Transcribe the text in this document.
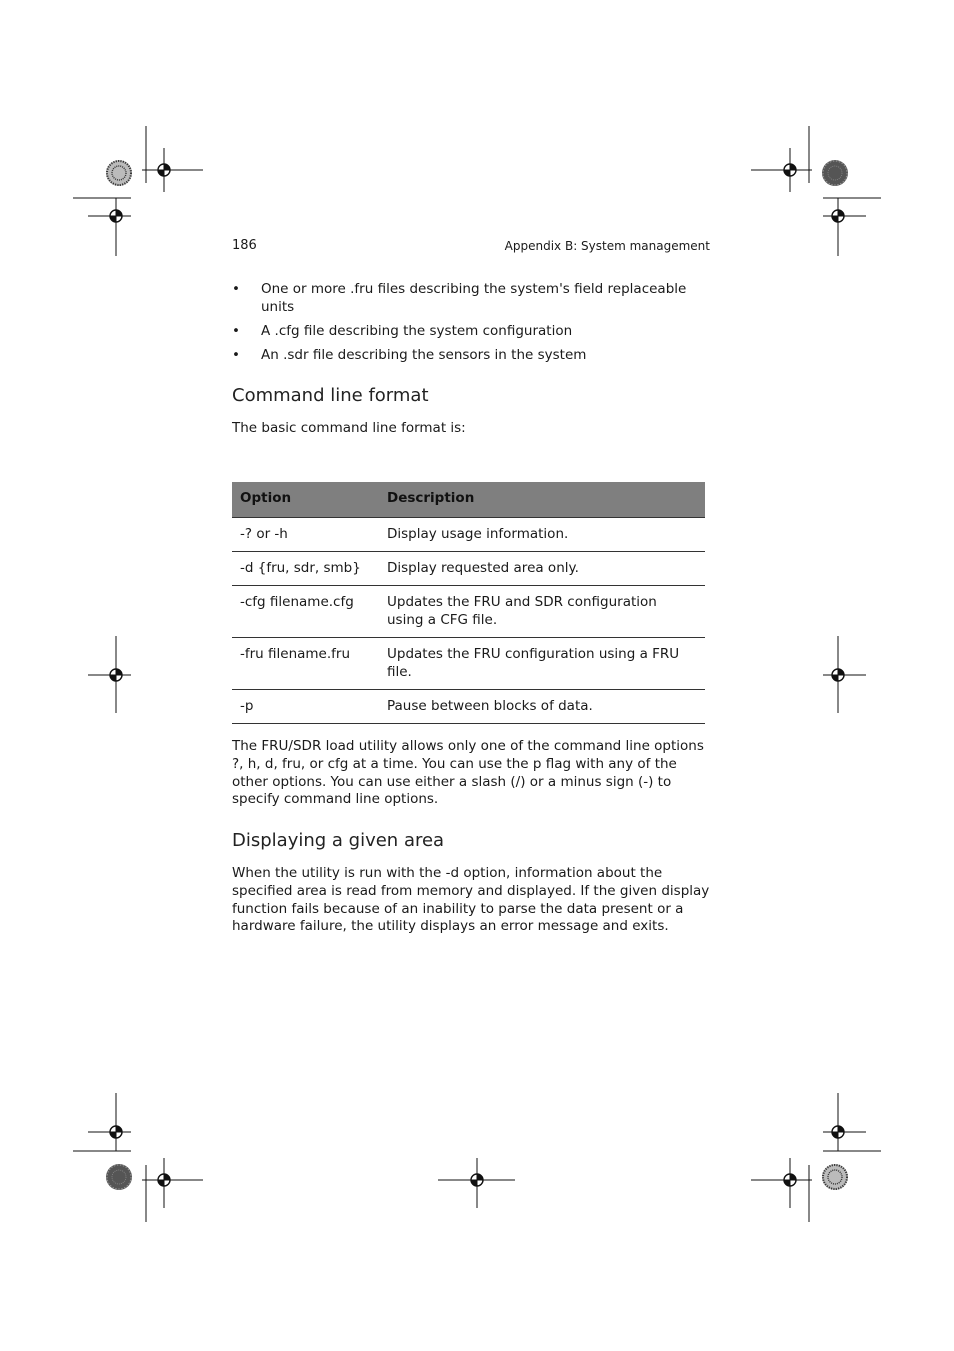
186	Appendix B: System management
• One or more .fru files describing the system's field replaceable units
• A .cfg file describing the system configuration
• An .sdr file describing the sensors in the system
Command line format

The basic command line format is:

Option	Description
-? or -h	Display usage information.
-d {fru, sdr, smb}	Display requested area only.
-cfg filename.cfg	Updates the FRU and SDR configuration using a CFG file.
-fru filename.fru	Updates the FRU configuration using a FRU file.
-p	Pause between blocks of data.

The FRU/SDR load utility allows only one of the command line options ?, h, d, fru, or cfg at a time. You can use the p flag with any of the other options. You can use either a slash (/) or a minus sign (-) to specify command line options.

Displaying a given area

When the utility is run with the -d option, information about the specified area is read from memory and displayed. If the given display function fails because of an inability to parse the data present or a hardware failure, the utility displays an error message and exits.
